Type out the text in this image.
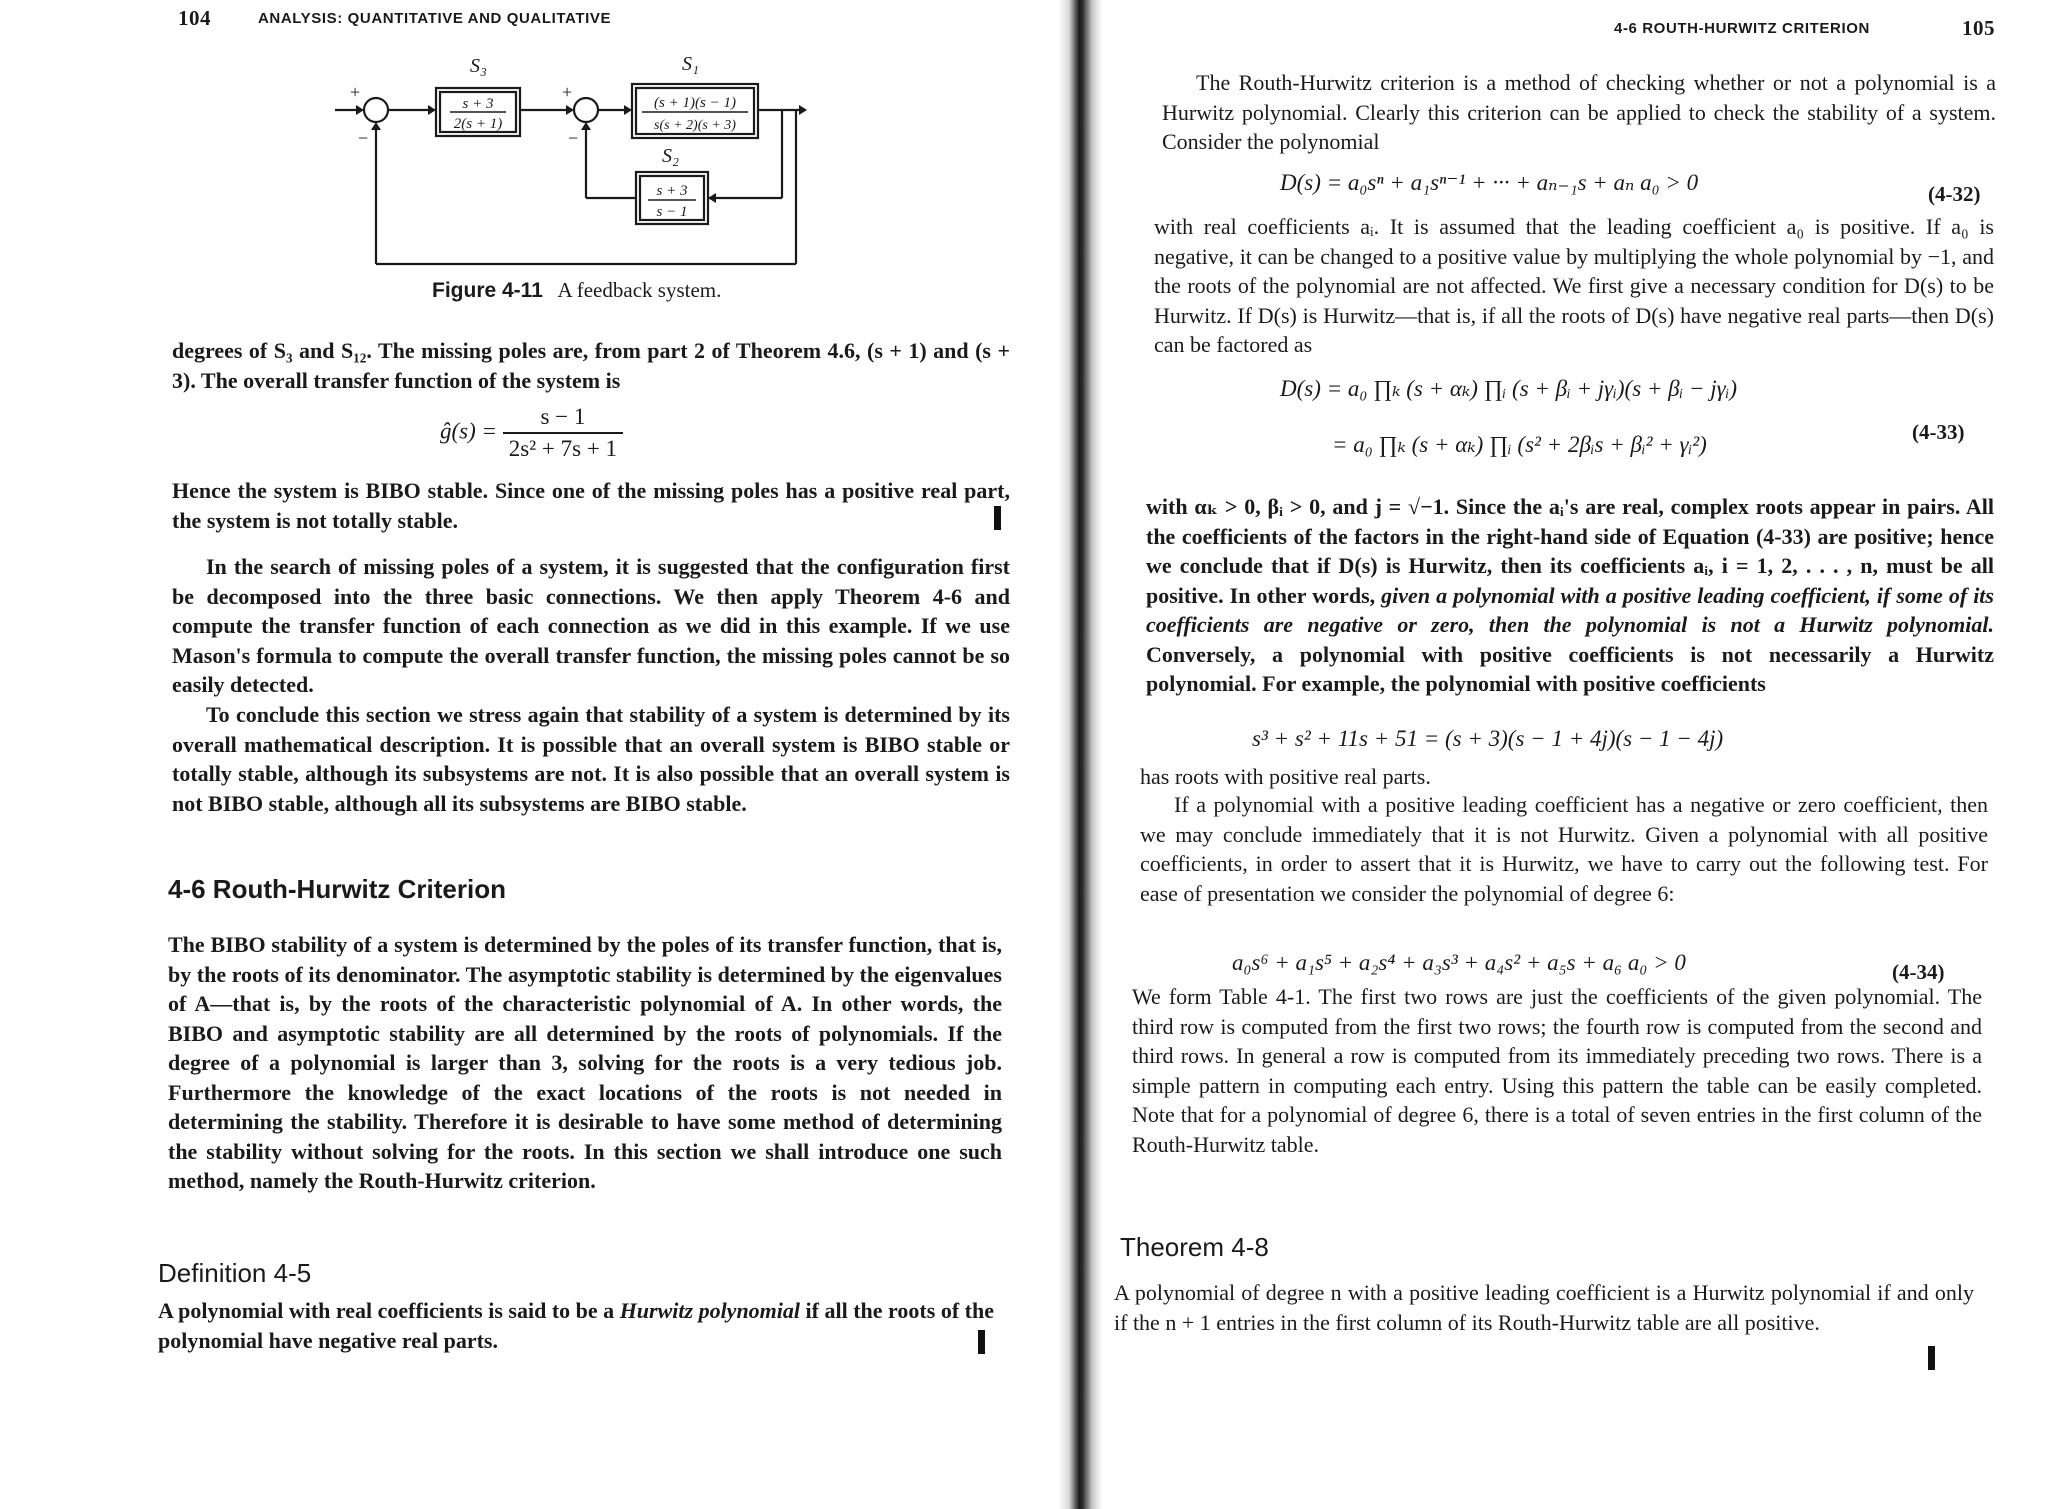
104	ANALYSIS: QUANTITATIVE AND QUALITATIVE
S₃	S₁
S₂
+
−
+
−
s + 3
2(s + 1)
(s + 1)(s − 1)
s(s + 2)(s + 3)
s + 3
s − 1
Figure 4-11 A feedback system.
degrees of S₃ and S₁₂. The missing poles are, from part 2 of Theorem 4.6, (s + 1) and (s + 3). The overall transfer function of the system is
ĝ(s) = $\frac{s - 1}{\text{2s² + 7s + 1}}$
Hence the system is BIBO stable. Since one of the missing poles has a positive real part, the system is not totally stable.

In the search of missing poles of a system, it is suggested that the configuration first be decomposed into the three basic connections. We then apply Theorem 4-6 and compute the transfer function of each connection as we did in this example. If we use Mason's formula to compute the overall transfer function, the missing poles cannot be so easily detected.

To conclude this section we stress again that stability of a system is determined by its overall mathematical description. It is possible that an overall system is BIBO stable or totally stable, although its subsystems are not. It is also possible that an overall system is not BIBO stable, although all its subsystems are BIBO stable.

4-6 Routh-Hurwitz Criterion
The BIBO stability of a system is determined by the poles of its transfer function, that is, by the roots of its denominator. The asymptotic stability is determined by the eigenvalues of A—that is, by the roots of the characteristic polynomial of A. In other words, the BIBO and asymptotic stability are all determined by the roots of polynomials. If the degree of a polynomial is larger than 3, solving for the roots is a very tedious job. Furthermore the knowledge of the exact locations of the roots is not needed in determining the stability. Therefore it is desirable to have some method of determining the stability without solving for the roots. In this section we shall introduce one such method, namely the Routh-Hurwitz criterion.
Definition 4-5
A polynomial with real coefficients is said to be a Hurwitz polynomial if all the roots of the polynomial have negative real parts.
4-6 ROUTH-HURWITZ CRITERION	105

The Routh-Hurwitz criterion is a method of checking whether or not a polynomial is a Hurwitz polynomial. Clearly this criterion can be applied to check the stability of a system. Consider the polynomial

D(s) = a₀sⁿ + a₁sⁿ⁻¹ + ··· + aₙ₋₁s + aₙ a₀ > 0	(4-32)
with real coefficients aᵢ. It is assumed that the leading coefficient a₀ is positive. If a₀ is negative, it can be changed to a positive value by multiplying the whole polynomial by −1, and the roots of the polynomial are not affected. We first give a necessary condition for D(s) to be Hurwitz. If D(s) is Hurwitz—that is, if all the roots of D(s) have negative real parts—then D(s) can be factored as
D(s) = a₀ ∏ₖ (s + αₖ) ∏ᵢ (s + βᵢ + jγᵢ)(s + βᵢ − jγᵢ)
= a₀ ∏ₖ (s + αₖ) ∏ᵢ (s² + 2βᵢs + βᵢ² + γᵢ²)	(4-33)
with αₖ > 0, βᵢ > 0, and j = √−1. Since the aᵢ's are real, complex roots appear in pairs. All the coefficients of the factors in the right-hand side of Equation (4-33) are positive; hence we conclude that if D(s) is Hurwitz, then its coefficients aᵢ, i = 1, 2, . . . , n, must be all positive. In other words, given a polynomial with a positive leading coefficient, if some of its coefficients are negative or zero, then the polynomial is not a Hurwitz polynomial. Conversely, a polynomial with positive coefficients is not necessarily a Hurwitz polynomial. For example, the polynomial with positive coefficients
s³ + s² + 11s + 51 = (s + 3)(s − 1 + 4j)(s − 1 − 4j)
has roots with positive real parts.

If a polynomial with a positive leading coefficient has a negative or zero coefficient, then we may conclude immediately that it is not Hurwitz. Given a polynomial with all positive coefficients, in order to assert that it is Hurwitz, we have to carry out the following test. For ease of presentation we consider the polynomial of degree 6:

a₀s⁶ + a₁s⁵ + a₂s⁴ + a₃s³ + a₄s² + a₅s + a₆ a₀ > 0	(4-34)
We form Table 4-1. The first two rows are just the coefficients of the given polynomial. The third row is computed from the first two rows; the fourth row is computed from the second and third rows. In general a row is computed from its immediately preceding two rows. There is a simple pattern in computing each entry. Using this pattern the table can be easily completed. Note that for a polynomial of degree 6, there is a total of seven entries in the first column of the Routh-Hurwitz table.
Theorem 4-8
A polynomial of degree n with a positive leading coefficient is a Hurwitz polynomial if and only if the n + 1 entries in the first column of its Routh-Hurwitz table are all positive.
